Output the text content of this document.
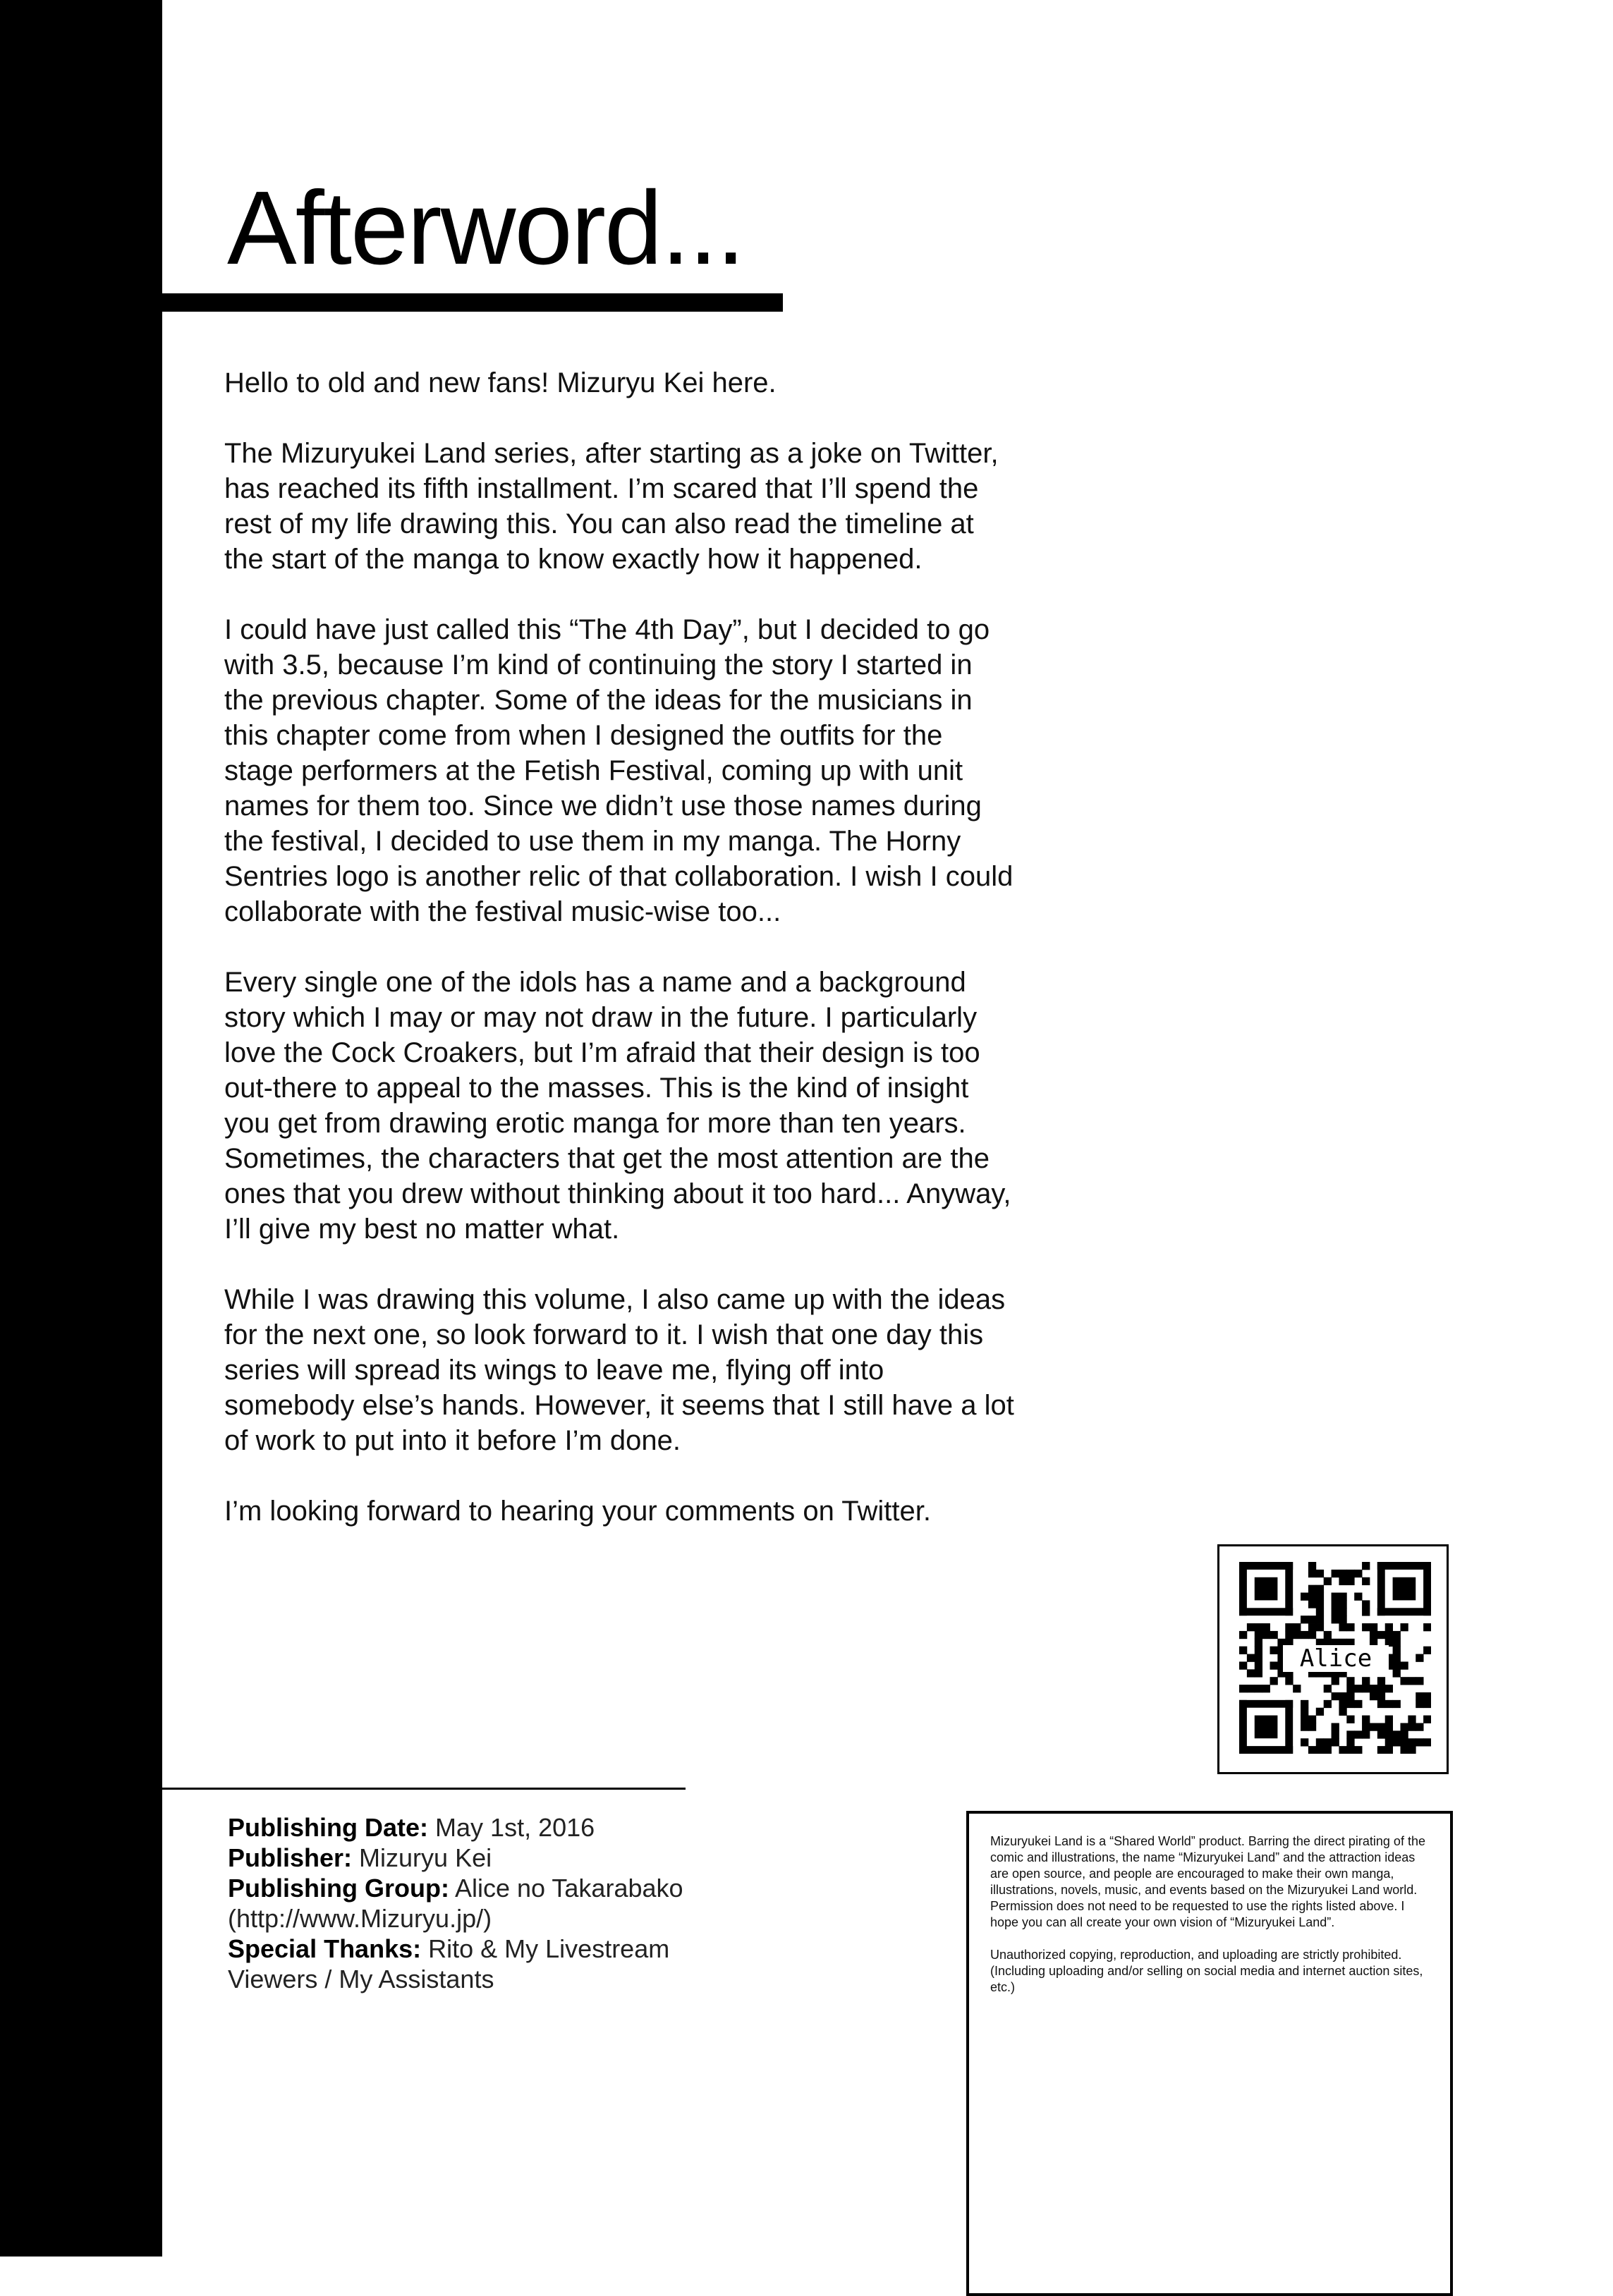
Afterword...

Hello to old and new fans! Mizuryu Kei here.

The Mizuryukei Land series, after starting as a joke on Twitter, has reached its fifth installment. I’m scared that I’ll spend the rest of my life drawing this. You can also read the timeline at the start of the manga to know exactly how it happened.

I could have just called this “The 4th Day”, but I decided to go with 3.5, because I’m kind of continuing the story I started in the previous chapter. Some of the ideas for the musicians in this chapter come from when I designed the outfits for the stage performers at the Fetish Festival, coming up with unit names for them too. Since we didn’t use those names during the festival, I decided to use them in my manga. The Horny Sentries logo is another relic of that collaboration. I wish I could collaborate with the festival music-wise too...

Every single one of the idols has a name and a background story which I may or may not draw in the future. I particularly love the Cock Croakers, but I’m afraid that their design is too out-there to appeal to the masses. This is the kind of insight you get from drawing erotic manga for more than ten years. Sometimes, the characters that get the most attention are the ones that you drew without thinking about it too hard... Anyway, I’ll give my best no matter what.

While I was drawing this volume, I also came up with the ideas for the next one, so look forward to it. I wish that one day this series will spread its wings to leave me, flying off into somebody else’s hands. However, it seems that I still have a lot of work to put into it before I’m done.

I’m looking forward to hearing your comments on Twitter.

Publishing Date: May 1st, 2016
Publisher: Mizuryu Kei
Publishing Group: Alice no Takarabako
(http://www.Mizuryu.jp/)
Special Thanks: Rito & My Livestream
Viewers / My Assistants
Alice

Mizuryukei Land is a “Shared World” product. Barring the direct pirating of the comic and illustrations, the name “Mizuryukei Land” and the attraction ideas are open source, and people are encouraged to make their own manga, illustrations, novels, music, and events based on the Mizuryukei Land world. Permission does not need to be requested to use the rights listed above. I hope you can all create your own vision of “Mizuryukei Land”.

Unauthorized copying, reproduction, and uploading are strictly prohibited. (Including uploading and/or selling on social media and internet auction sites, etc.)
